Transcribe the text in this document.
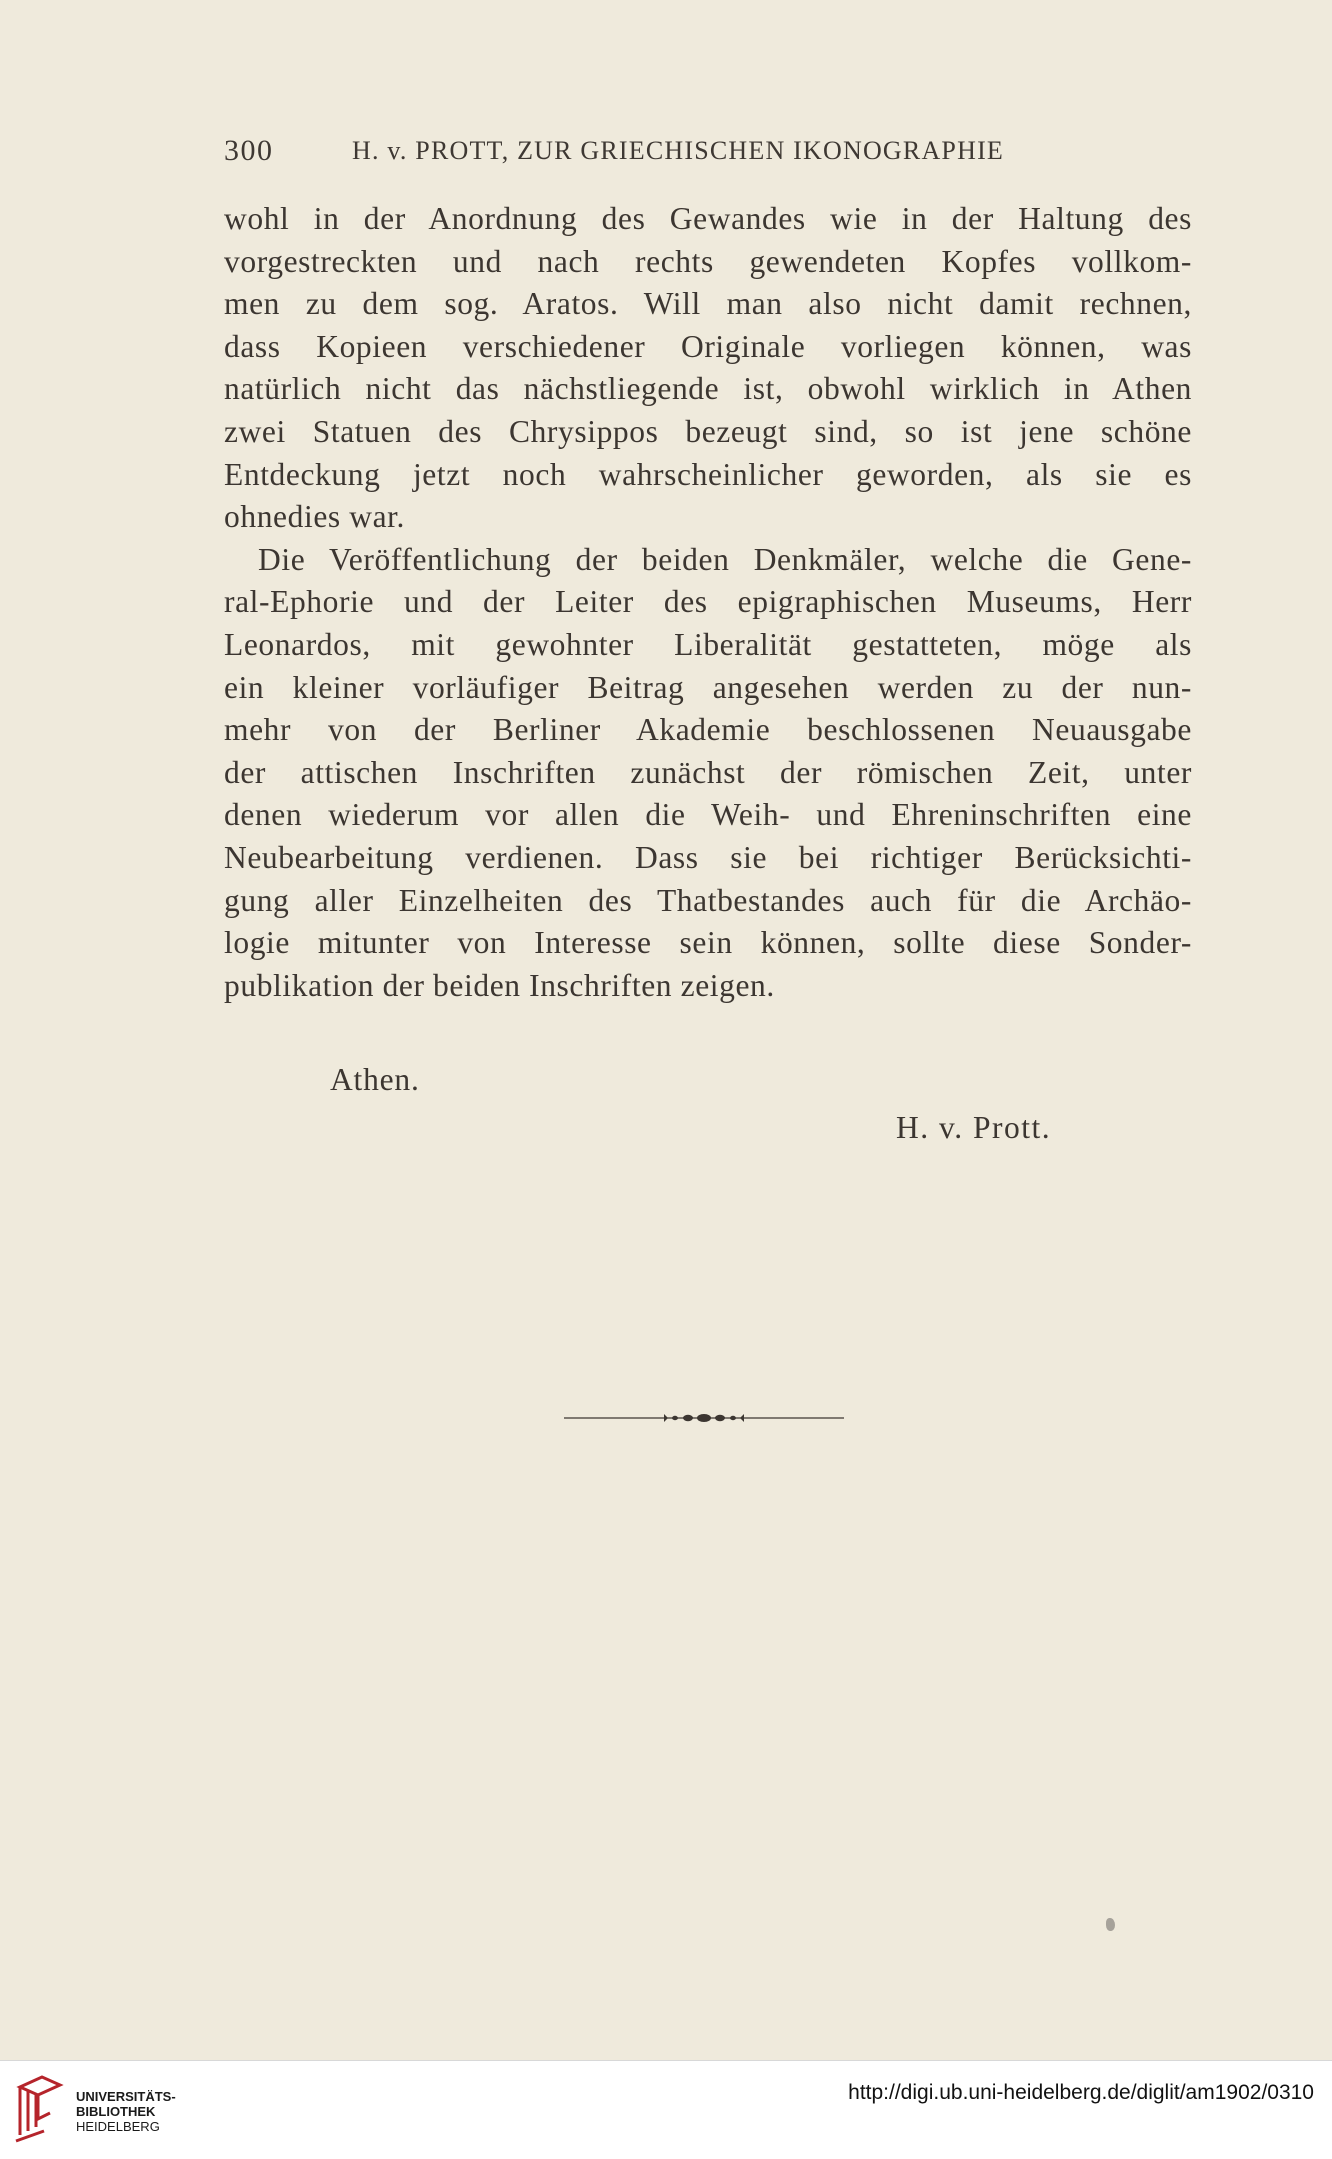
300	H. v. PROTT, ZUR GRIECHISCHEN IKONOGRAPHIE
wohl in der Anordnung des Gewandes wie in der Haltung des
vorgestreckten und nach rechts gewendeten Kopfes vollkom-
men zu dem sog. Aratos. Will man also nicht damit rechnen,
dass Kopieen verschiedener Originale vorliegen können, was
natürlich nicht das nächstliegende ist, obwohl wirklich in Athen
zwei Statuen des Chrysippos bezeugt sind, so ist jene schöne
Entdeckung jetzt noch wahrscheinlicher geworden, als sie es
ohnedies war.
Die Veröffentlichung der beiden Denkmäler, welche die Gene-
ral-Ephorie und der Leiter des epigraphischen Museums, Herr
Leonardos, mit gewohnter Liberalität gestatteten, möge als
ein kleiner vorläufiger Beitrag angesehen werden zu der nun-
mehr von der Berliner Akademie beschlossenen Neuausgabe
der attischen Inschriften zunächst der römischen Zeit, unter
denen wiederum vor allen die Weih- und Ehreninschriften eine
Neubearbeitung verdienen. Dass sie bei richtiger Berücksichti-
gung aller Einzelheiten des Thatbestandes auch für die Archäo-
logie mitunter von Interesse sein können, sollte diese Sonder-
publikation der beiden Inschriften zeigen.
Athen.
H. v. Prott.
UNIVERSITÄTS-
BIBLIOTHEK
HEIDELBERG
http://digi.ub.uni-heidelberg.de/diglit/am1902/0310
